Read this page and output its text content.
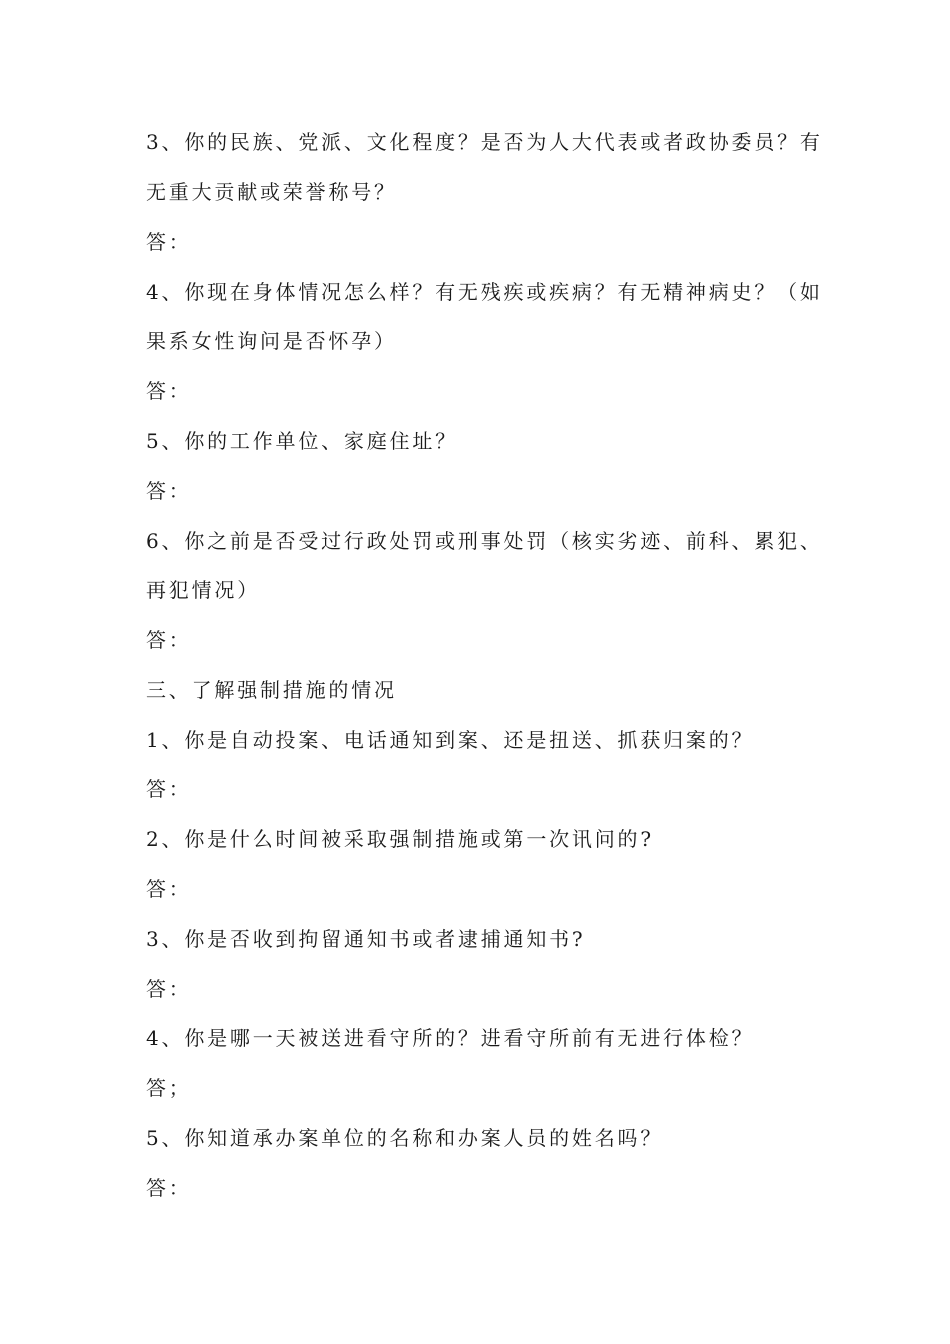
3、你的民族、党派、文化程度？是否为人大代表或者政协委员？有
无重大贡献或荣誉称号？
答：
4、你现在身体情况怎么样？有无残疾或疾病？有无精神病史？（如
果系女性询问是否怀孕）
答：
5、你的工作单位、家庭住址？
答：
6、你之前是否受过行政处罚或刑事处罚（核实劣迹、前科、累犯、
再犯情况）
答：
三、了解强制措施的情况
1、你是自动投案、电话通知到案、还是扭送、抓获归案的？
答：
2、你是什么时间被采取强制措施或第一次讯问的?
答：
3、你是否收到拘留通知书或者逮捕通知书?
答：
4、你是哪一天被送进看守所的？进看守所前有无进行体检？
答；
5、你知道承办案单位的名称和办案人员的姓名吗？
答：
